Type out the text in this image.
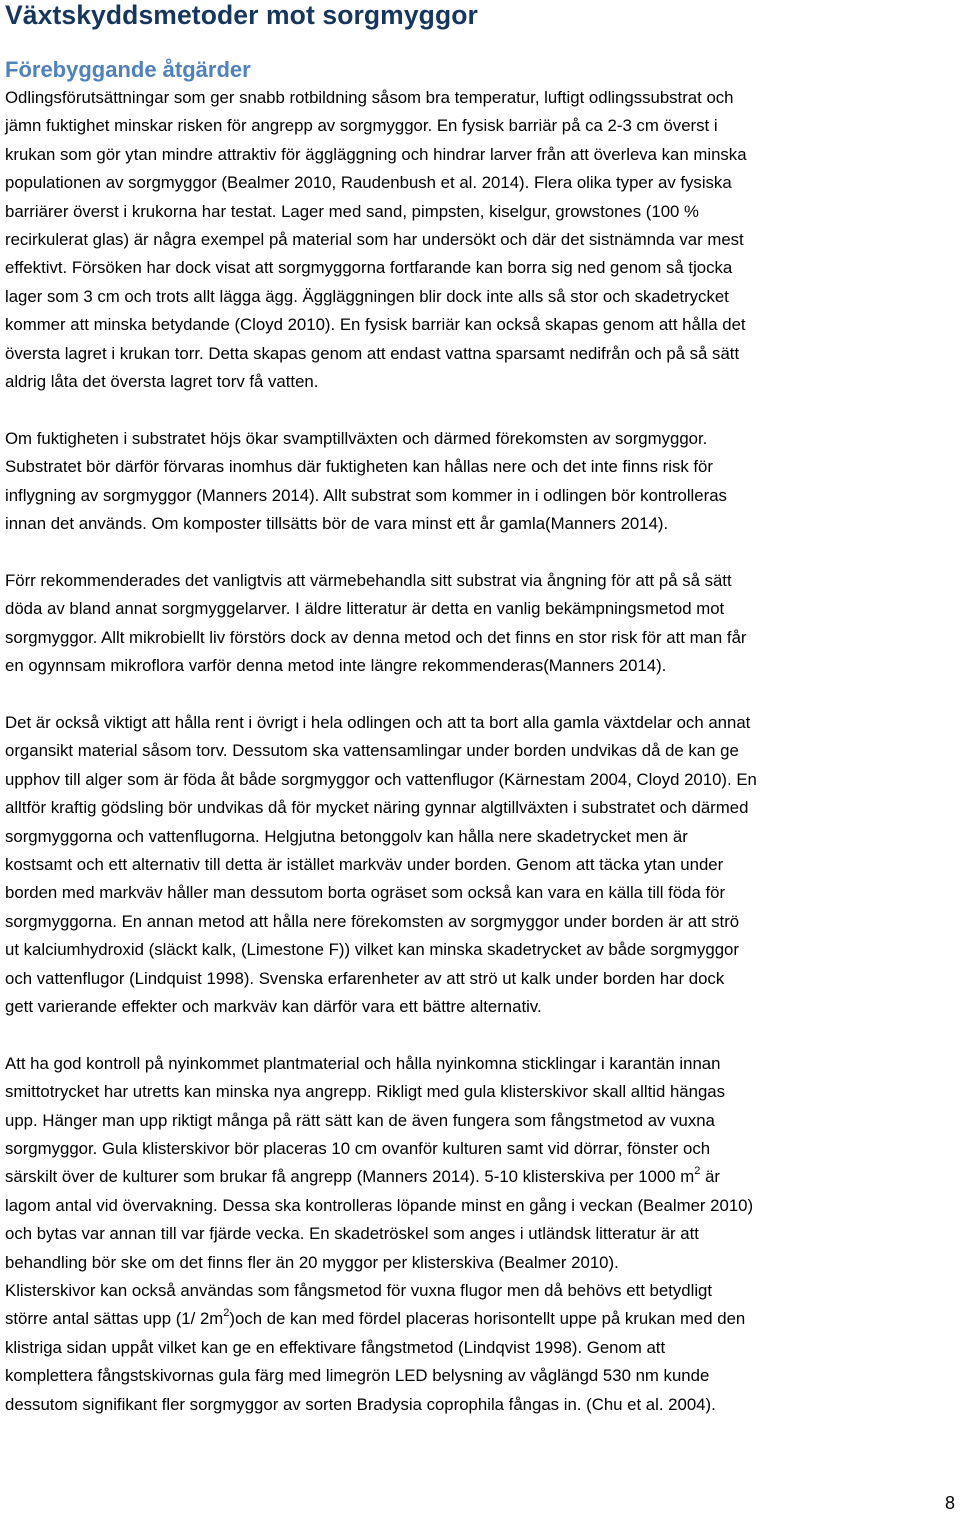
Växtskyddsmetoder mot sorgmyggor
Förebyggande åtgärder

Odlingsförutsättningar som ger snabb rotbildning såsom bra temperatur, luftigt odlingssubstrat och
jämn fuktighet minskar risken för angrepp av sorgmyggor. En fysisk barriär på ca 2-3 cm överst i
krukan som gör ytan mindre attraktiv för äggläggning och hindrar larver från att överleva kan minska
populationen av sorgmyggor (Bealmer 2010, Raudenbush et al. 2014). Flera olika typer av fysiska
barriärer överst i krukorna har testat. Lager med sand, pimpsten, kiselgur, growstones (100 %
recirkulerat glas) är några exempel på material som har undersökt och där det sistnämnda var mest
effektivt. Försöken har dock visat att sorgmyggorna fortfarande kan borra sig ned genom så tjocka
lager som 3 cm och trots allt lägga ägg. Äggläggningen blir dock inte alls så stor och skadetrycket
kommer att minska betydande (Cloyd 2010). En fysisk barriär kan också skapas genom att hålla det
översta lagret i krukan torr. Detta skapas genom att endast vattna sparsamt nedifrån och på så sätt
aldrig låta det översta lagret torv få vatten.

Om fuktigheten i substratet höjs ökar svamptillväxten och därmed förekomsten av sorgmyggor.
Substratet bör därför förvaras inomhus där fuktigheten kan hållas nere och det inte finns risk för
inflygning av sorgmyggor (Manners 2014). Allt substrat som kommer in i odlingen bör kontrolleras
innan det används. Om komposter tillsätts bör de vara minst ett år gamla(Manners 2014).

Förr rekommenderades det vanligtvis att värmebehandla sitt substrat via ångning för att på så sätt
döda av bland annat sorgmyggelarver. I äldre litteratur är detta en vanlig bekämpningsmetod mot
sorgmyggor. Allt mikrobiellt liv förstörs dock av denna metod och det finns en stor risk för att man får
en ogynnsam mikroflora varför denna metod inte längre rekommenderas(Manners 2014).

Det är också viktigt att hålla rent i övrigt i hela odlingen och att ta bort alla gamla växtdelar och annat
organsikt material såsom torv. Dessutom ska vattensamlingar under borden undvikas då de kan ge
upphov till alger som är föda åt både sorgmyggor och vattenflugor (Kärnestam 2004, Cloyd 2010). En
alltför kraftig gödsling bör undvikas då för mycket näring gynnar algtillväxten i substratet och därmed
sorgmyggorna och vattenflugorna. Helgjutna betonggolv kan hålla nere skadetrycket men är
kostsamt och ett alternativ till detta är istället markväv under borden. Genom att täcka ytan under
borden med markväv håller man dessutom borta ogräset som också kan vara en källa till föda för
sorgmyggorna. En annan metod att hålla nere förekomsten av sorgmyggor under borden är att strö
ut kalciumhydroxid (släckt kalk, (Limestone F)) vilket kan minska skadetrycket av både sorgmyggor
och vattenflugor (Lindquist 1998). Svenska erfarenheter av att strö ut kalk under borden har dock
gett varierande effekter och markväv kan därför vara ett bättre alternativ.

Att ha god kontroll på nyinkommet plantmaterial och hålla nyinkomna sticklingar i karantän innan
smittotrycket har utretts kan minska nya angrepp. Rikligt med gula klisterskivor skall alltid hängas
upp. Hänger man upp riktigt många på rätt sätt kan de även fungera som fångstmetod av vuxna
sorgmyggor. Gula klisterskivor bör placeras 10 cm ovanför kulturen samt vid dörrar, fönster och
särskilt över de kulturer som brukar få angrepp (Manners 2014). 5-10 klisterskiva per 1000 $m^2$ är
lagom antal vid övervakning. Dessa ska kontrolleras löpande minst en gång i veckan (Bealmer 2010)
och bytas var annan till var fjärde vecka. En skadetröskel som anges i utländsk litteratur är att
behandling bör ske om det finns fler än 20 myggor per klisterskiva (Bealmer 2010).

Klisterskivor kan också användas som fångsmetod för vuxna flugor men då behövs ett betydligt
större antal sättas upp (1/ $2m^2)och$ de kan med fördel placeras horisontellt uppe på krukan med den
klistriga sidan uppåt vilket kan ge en effektivare fångstmetod (Lindqvist 1998). Genom att
komplettera fångstskivornas gula färg med limegrön LED belysning av våglängd 530 nm kunde
dessutom signifikant fler sorgmyggor av sorten Bradysia coprophila fångas in. (Chu et al. 2004).

8
